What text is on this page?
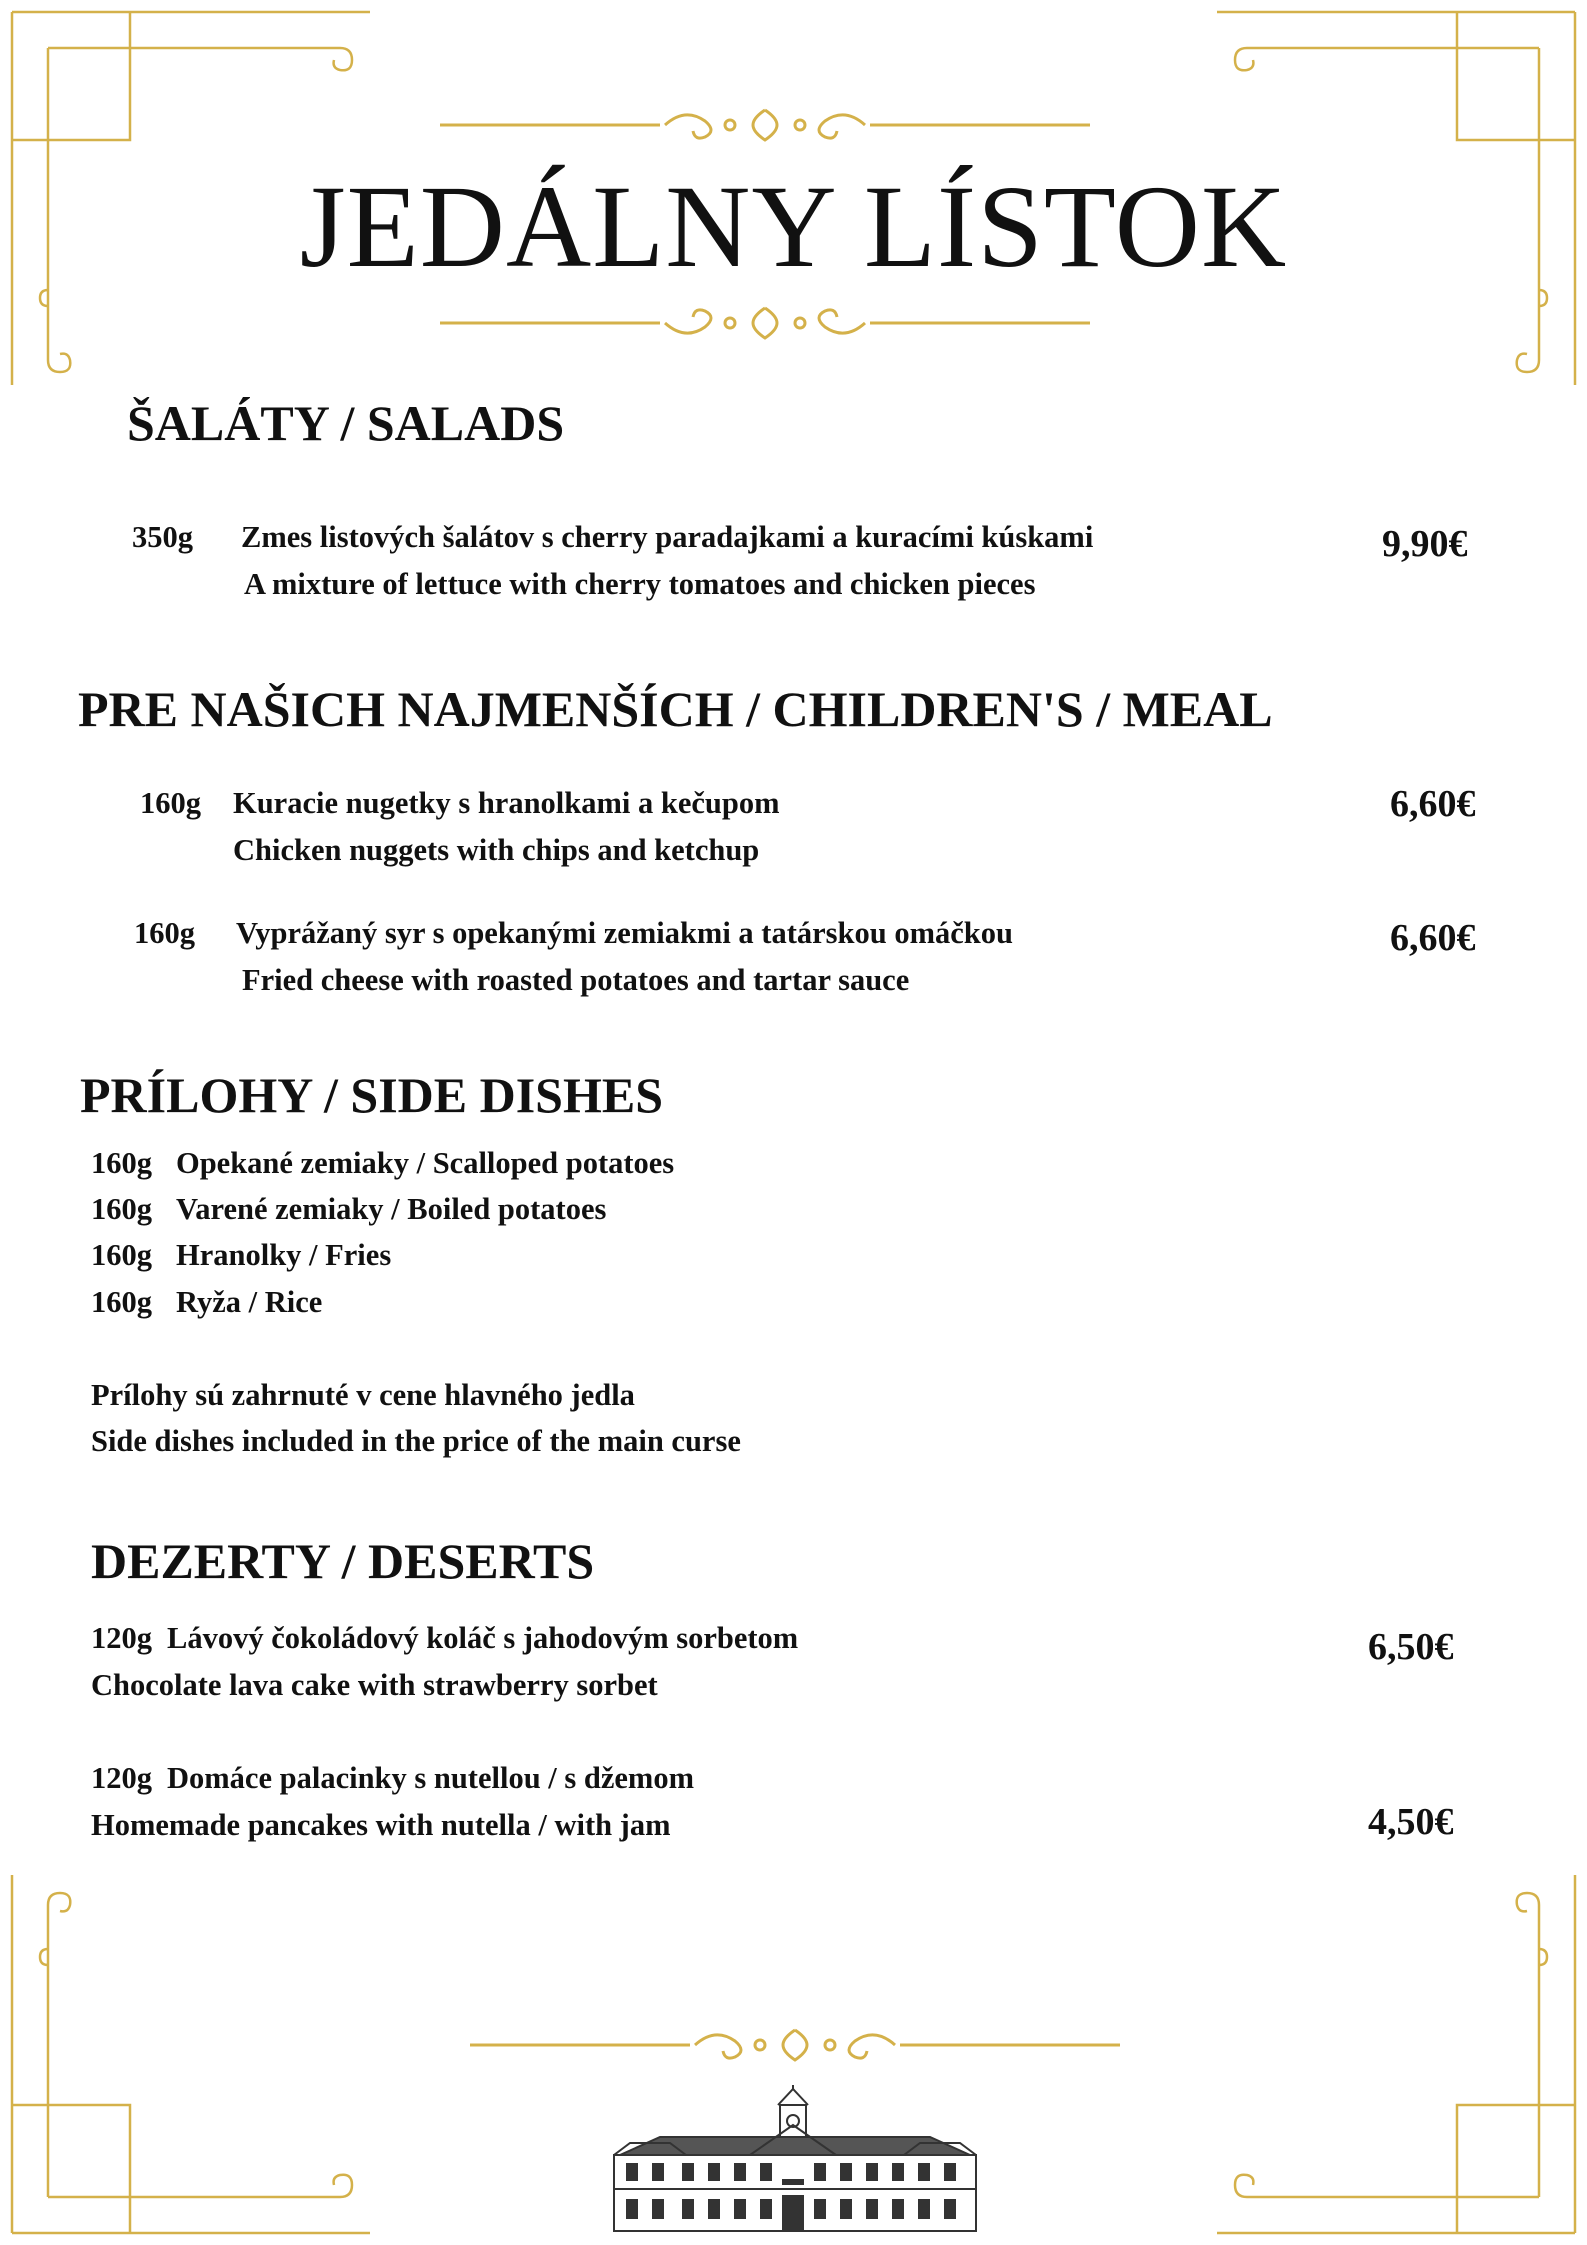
JEDÁLNY LÍSTOK
ŠALÁTY / SALADS
350g Zmes listových šalátov s cherry paradajkami a kuracími kúskami
A mixture of lettuce with cherry tomatoes and chicken pieces
9,90€
PRE NAŠICH NAJMENŠÍCH / CHILDREN'S / MEAL
160g Kuracie nugetky s hranolkami a kečupom
Chicken nuggets with chips and ketchup
6,60€
160g Vyprážaný syr s opekanými zemiakmi a tatárskou omáčkou
Fried cheese with roasted potatoes and tartar sauce
6,60€
PRÍLOHY / SIDE DISHES
160g Opekané zemiaky / Scalloped potatoes
160g Varené zemiaky / Boiled potatoes
160g Hranolky / Fries
160g Ryža / Rice
Prílohy sú zahrnuté v cene hlavného jedla
Side dishes included in the price of the main curse
DEZERTY / DESERTS
120g Lávový čokoládový koláč s jahodovým sorbetom
Chocolate lava cake with strawberry sorbet
6,50€
120g Domáce palacinky s nutellou / s džemom
Homemade pancakes with nutella / with jam	4,50€
